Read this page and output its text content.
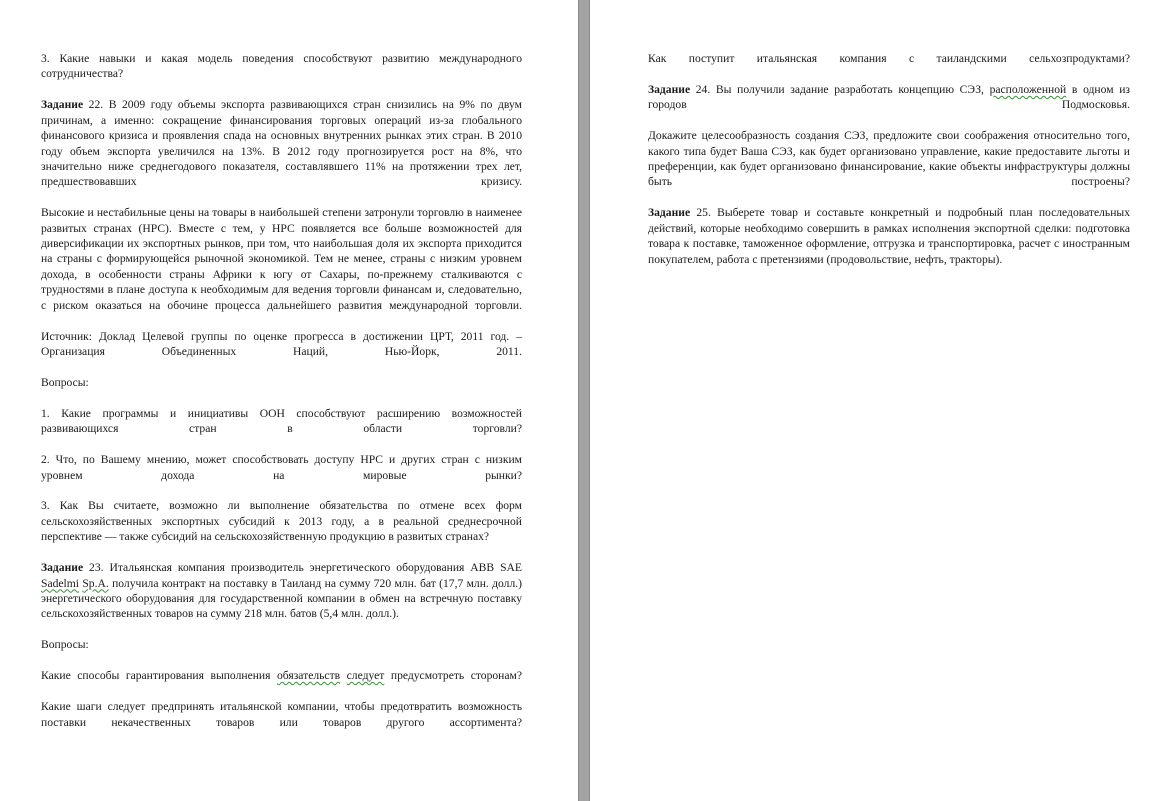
3. Какие навыки и какая модель поведения способствуют развитию международного сотрудничества?

Задание 22. В 2009 году объемы экспорта развивающихся стран снизились на 9% по двум причинам, а именно: сокращение финансирования торговых операций из-за глобального финансового кризиса и проявления спада на основных внутренних рынках этих стран. В 2010 году объем экспорта увеличился на 13%. В 2012 году прогнозируется рост на 8%, что значительно ниже среднегодового показателя, составлявшего 11% на протяжении трех лет, предшествовавших кризису.

Высокие и нестабильные цены на товары в наибольшей степени затронули торговлю в наименее развитых странах (НРС). Вместе с тем, у НРС появляется все больше возможностей для диверсификации их экспортных рынков, при том, что наибольшая доля их экспорта приходится на страны с формирующейся рыночной экономикой. Тем не менее, страны с низким уровнем дохода, в особенности страны Африки к югу от Сахары, по-прежнему сталкиваются с трудностями в плане доступа к необходимым для ведения торговли финансам и, следовательно, с риском оказаться на обочине процесса дальнейшего развития международной торговли.

Источник: Доклад Целевой группы по оценке прогресса в достижении ЦРТ, 2011 год. – Организация Объединенных Наций, Нью-Йорк, 2011.

Вопросы:

1. Какие программы и инициативы ООН способствуют расширению возможностей развивающихся стран в области торговли?

2. Что, по Вашему мнению, может способствовать доступу НРС и других стран с низким уровнем дохода на мировые рынки?

3. Как Вы считаете, возможно ли выполнение обязательства по отмене всех форм сельскохозяйственных экспортных субсидий к 2013 году, а в реальной среднесрочной перспективе — также субсидий на сельскохозяйственную продукцию в развитых странах?

Задание 23. Итальянская компания производитель энергетического оборудования ABB SAE Sadelmi Sp.A. получила контракт на поставку в Таиланд на сумму 720 млн. бат (17,7 млн. долл.) энергетического оборудования для государственной компании в обмен на встречную поставку сельскохозяйственных товаров на сумму 218 млн. батов (5,4 млн. долл.).

Вопросы:

Какие способы гарантирования выполнения обязательств следует предусмотреть сторонам?

Какие шаги следует предпринять итальянской компании, чтобы предотвратить возможность поставки некачественных товаров или товаров другого ассортимента?

Как поступит итальянская компания с таиландскими сельхозпродуктами?

Задание 24. Вы получили задание разработать концепцию СЭЗ, расположенной в одном из городов Подмосковья.

Докажите целесообразность создания СЭЗ, предложите свои соображения относительно того, какого типа будет Ваша СЭЗ, как будет организовано управление, какие предоставите льготы и преференции, как будет организовано финансирование, какие объекты инфраструктуры должны быть построены?

Задание 25. Выберете товар и составьте конкретный и подробный план последовательных действий, которые необходимо совершить в рамках исполнения экспортной сделки: подготовка товара к поставке, таможенное оформление, отгрузка и транспортировка, расчет с иностранным покупателем, работа с претензиями (продовольствие, нефть, тракторы).
